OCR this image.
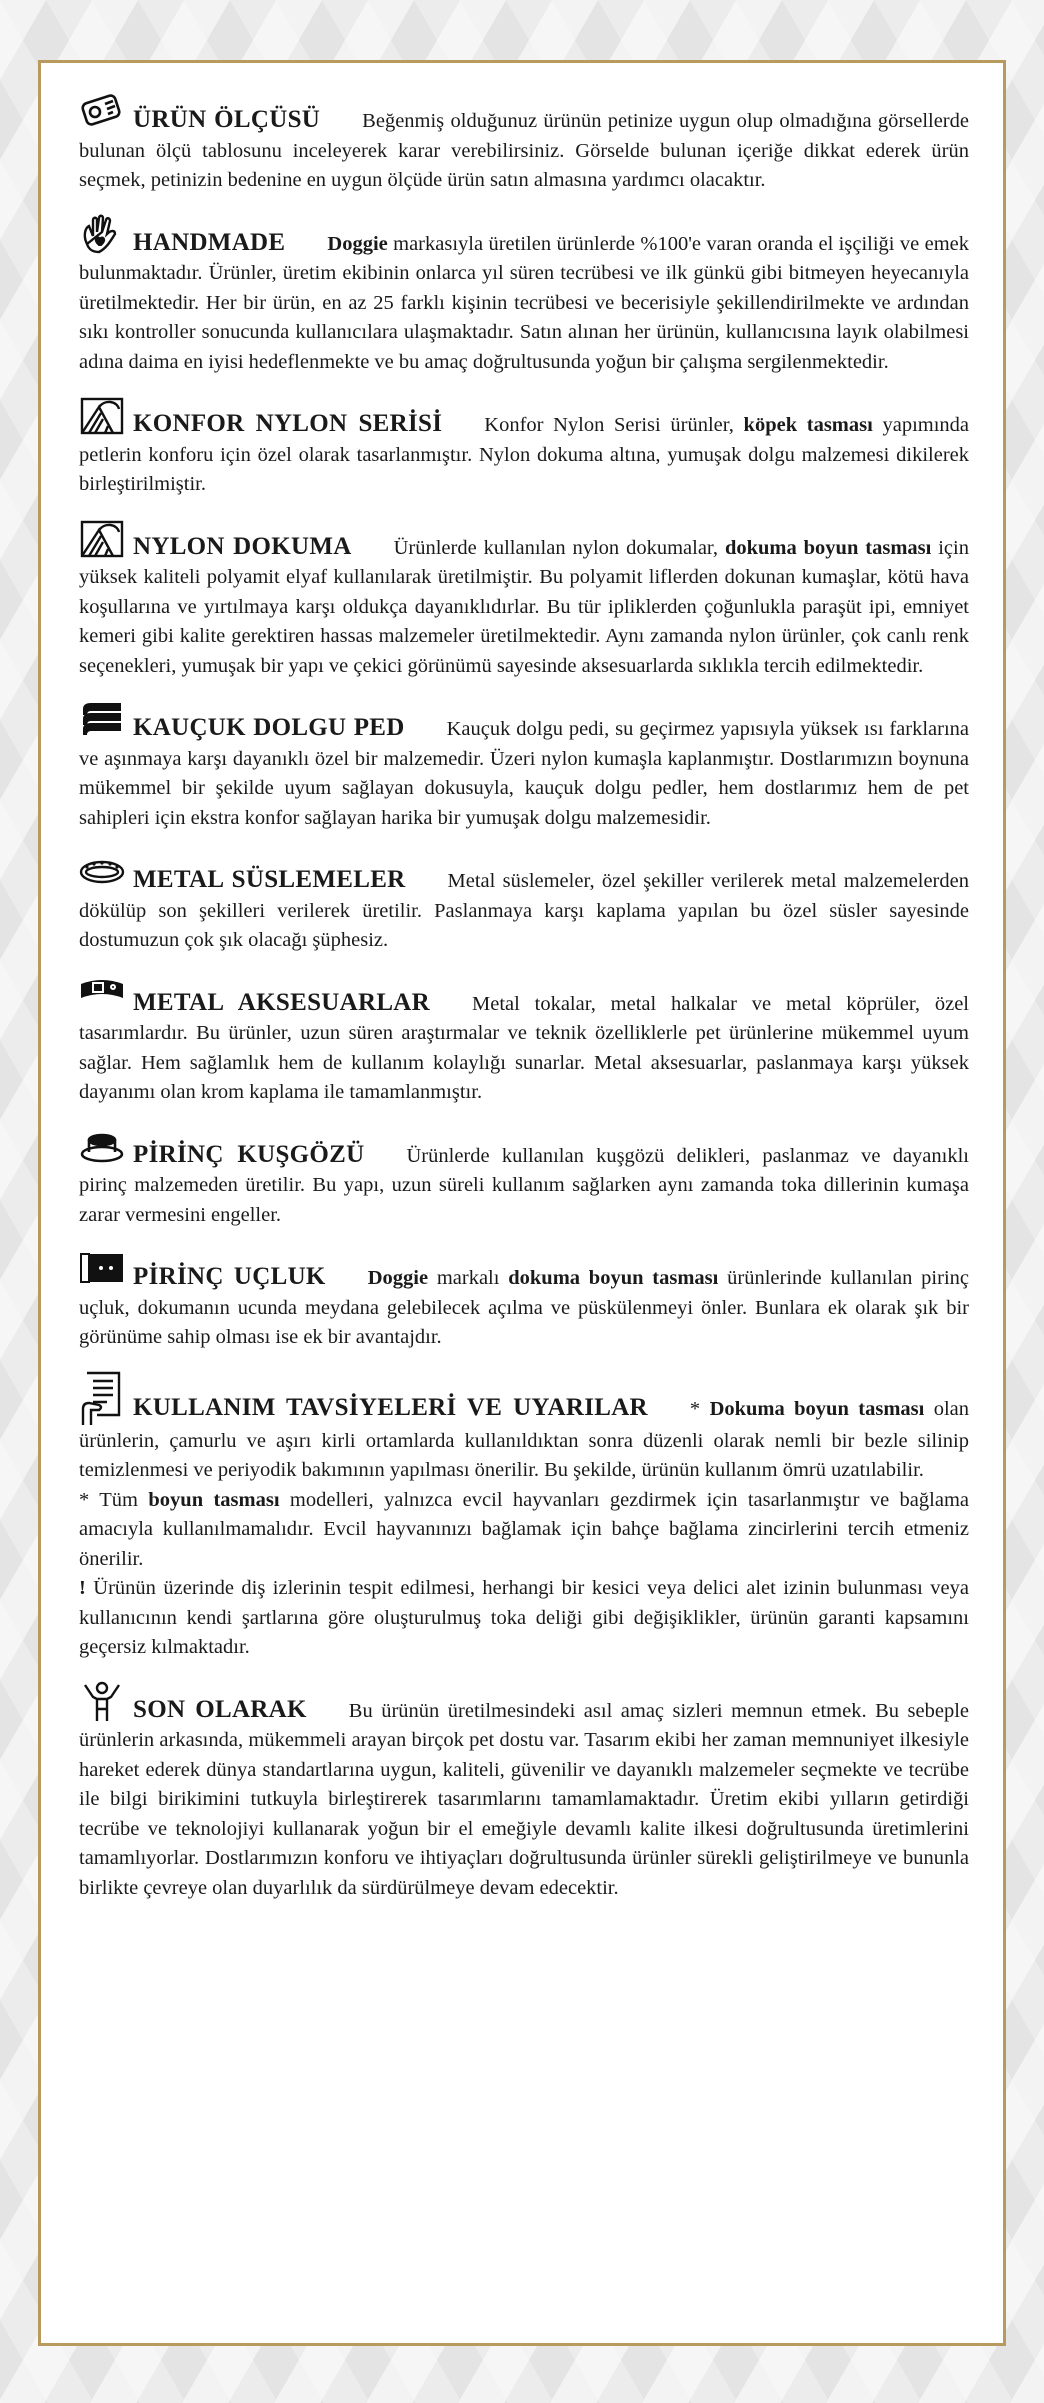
ÜRÜN ÖLÇÜSÜ Beğenmiş olduğunuz ürünün petinize uygun olup olmadığına görsellerde bulunan ölçü tablosunu inceleyerek karar verebilirsiniz. Görselde bulunan içeriğe dikkat ederek ürün seçmek, petinizin bedenine en uygun ölçüde ürün satın almasına yardımcı olacaktır.
HANDMADE Doggie markasıyla üretilen ürünlerde %100'e varan oranda el işçiliği ve emek bulunmaktadır. Ürünler, üretim ekibinin onlarca yıl süren tecrübesi ve ilk günkü gibi bitmeyen heyecanıyla üretilmektedir. Her bir ürün, en az 25 farklı kişinin tecrübesi ve becerisiyle şekillendirilmekte ve ardından sıkı kontroller sonucunda kullanıcılara ulaşmaktadır. Satın alınan her ürünün, kullanıcısına layık olabilmesi adına daima en iyisi hedeflenmekte ve bu amaç doğrultusunda yoğun bir çalışma sergilenmektedir.
KONFOR NYLON SERİSİ Konfor Nylon Serisi ürünler, köpek tasması yapımında petlerin konforu için özel olarak tasarlanmıştır. Nylon dokuma altına, yumuşak dolgu malzemesi dikilerek birleştirilmiştir.
NYLON DOKUMA Ürünlerde kullanılan nylon dokumalar, dokuma boyun tasması için yüksek kaliteli polyamit elyaf kullanılarak üretilmiştir. Bu polyamit liflerden dokunan kumaşlar, kötü hava koşullarına ve yırtılmaya karşı oldukça dayanıklıdırlar. Bu tür ipliklerden çoğunlukla paraşüt ipi, emniyet kemeri gibi kalite gerektiren hassas malzemeler üretilmektedir. Aynı zamanda nylon ürünler, çok canlı renk seçenekleri, yumuşak bir yapı ve çekici görünümü sayesinde aksesuarlarda sıklıkla tercih edilmektedir.
KAUÇUK DOLGU PED Kauçuk dolgu pedi, su geçirmez yapısıyla yüksek ısı farklarına ve aşınmaya karşı dayanıklı özel bir malzemedir. Üzeri nylon kumaşla kaplanmıştır. Dostlarımızın boynuna mükemmel bir şekilde uyum sağlayan dokusuyla, kauçuk dolgu pedler, hem dostlarımız hem de pet sahipleri için ekstra konfor sağlayan harika bir yumuşak dolgu malzemesidir.
METAL SÜSLEMELER Metal süslemeler, özel şekiller verilerek metal malzemelerden dökülüp son şekilleri verilerek üretilir. Paslanmaya karşı kaplama yapılan bu özel süsler sayesinde dostumuzun çok şık olacağı şüphesiz.
METAL AKSESUARLAR Metal tokalar, metal halkalar ve metal köprüler, özel tasarımlardır. Bu ürünler, uzun süren araştırmalar ve teknik özelliklerle pet ürünlerine mükemmel uyum sağlar. Hem sağlamlık hem de kullanım kolaylığı sunarlar. Metal aksesuarlar, paslanmaya karşı yüksek dayanımı olan krom kaplama ile tamamlanmıştır.
PİRİNÇ KUŞGÖZÜ Ürünlerde kullanılan kuşgözü delikleri, paslanmaz ve dayanıklı pirinç malzemeden üretilir. Bu yapı, uzun süreli kullanım sağlarken aynı zamanda toka dillerinin kumaşa zarar vermesini engeller.
PİRİNÇ UÇLUK Doggie markalı dokuma boyun tasması ürünlerinde kullanılan pirinç uçluk, dokumanın ucunda meydana gelebilecek açılma ve püskülenmeyi önler. Bunlara ek olarak şık bir görünüme sahip olması ise ek bir avantajdır.

KULLANIM TAVSİYELERİ VE UYARILAR * Dokuma boyun tasması olan ürünlerin, çamurlu ve aşırı kirli ortamlarda kullanıldıktan sonra düzenli olarak nemli bir bezle silinip temizlenmesi ve periyodik bakımının yapılması önerilir. Bu şekilde, ürünün kullanım ömrü uzatılabilir.

* Tüm boyun tasması modelleri, yalnızca evcil hayvanları gezdirmek için tasarlanmıştır ve bağlama amacıyla kullanılmamalıdır. Evcil hayvanınızı bağlamak için bahçe bağlama zincirlerini tercih etmeniz önerilir.

! Ürünün üzerinde diş izlerinin tespit edilmesi, herhangi bir kesici veya delici alet izinin bulunması veya kullanıcının kendi şartlarına göre oluşturulmuş toka deliği gibi değişiklikler, ürünün garanti kapsamını geçersiz kılmaktadır.

SON OLARAK Bu ürünün üretilmesindeki asıl amaç sizleri memnun etmek. Bu sebeple ürünlerin arkasında, mükemmeli arayan birçok pet dostu var. Tasarım ekibi her zaman memnuniyet ilkesiyle hareket ederek dünya standartlarına uygun, kaliteli, güvenilir ve dayanıklı malzemeler seçmekte ve tecrübe ile bilgi birikimini tutkuyla birleştirerek tasarımlarını tamamlamaktadır. Üretim ekibi yılların getirdiği tecrübe ve teknolojiyi kullanarak yoğun bir el emeğiyle devamlı kalite ilkesi doğrultusunda üretimlerini tamamlıyorlar. Dostlarımızın konforu ve ihtiyaçları doğrultusunda ürünler sürekli geliştirilmeye ve bununla birlikte çevreye olan duyarlılık da sürdürülmeye devam edecektir.
